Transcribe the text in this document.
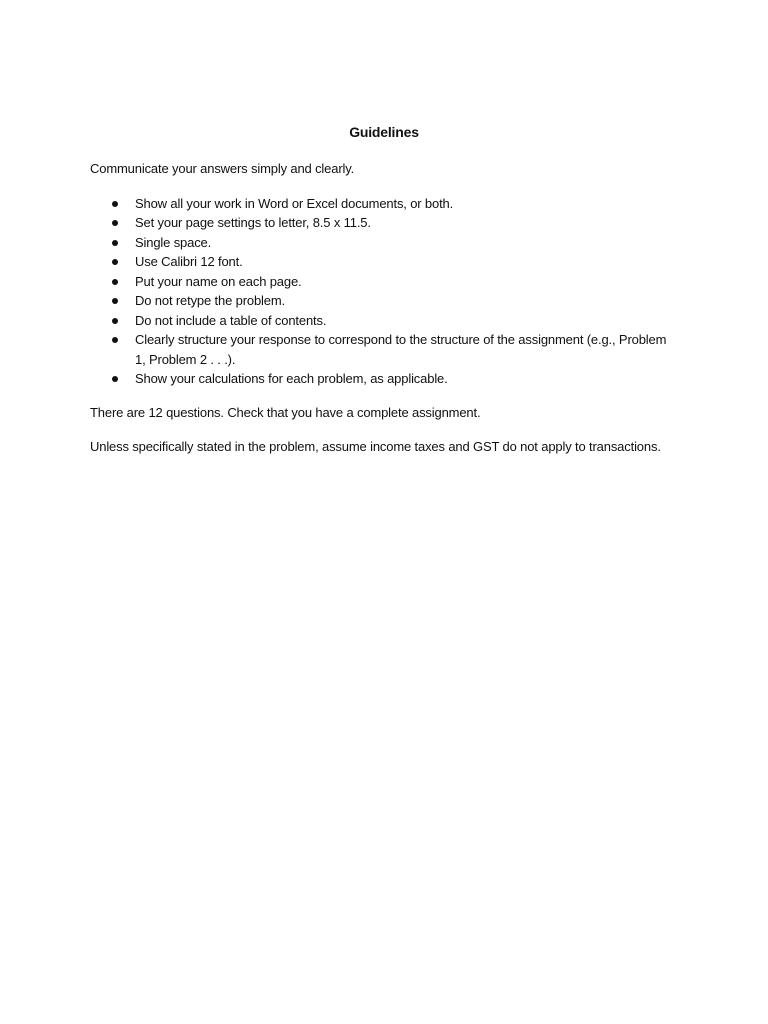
Guidelines

Communicate your answers simply and clearly.

Show all your work in Word or Excel documents, or both.
Set your page settings to letter, 8.5 x 11.5.
Single space.
Use Calibri 12 font.
Put your name on each page.
Do not retype the problem.
Do not include a table of contents.
Clearly structure your response to correspond to the structure of the assignment (e.g., Problem 1, Problem 2 . . .).
Show your calculations for each problem, as applicable.

There are 12 questions. Check that you have a complete assignment.

Unless specifically stated in the problem, assume income taxes and GST do not apply to transactions.
